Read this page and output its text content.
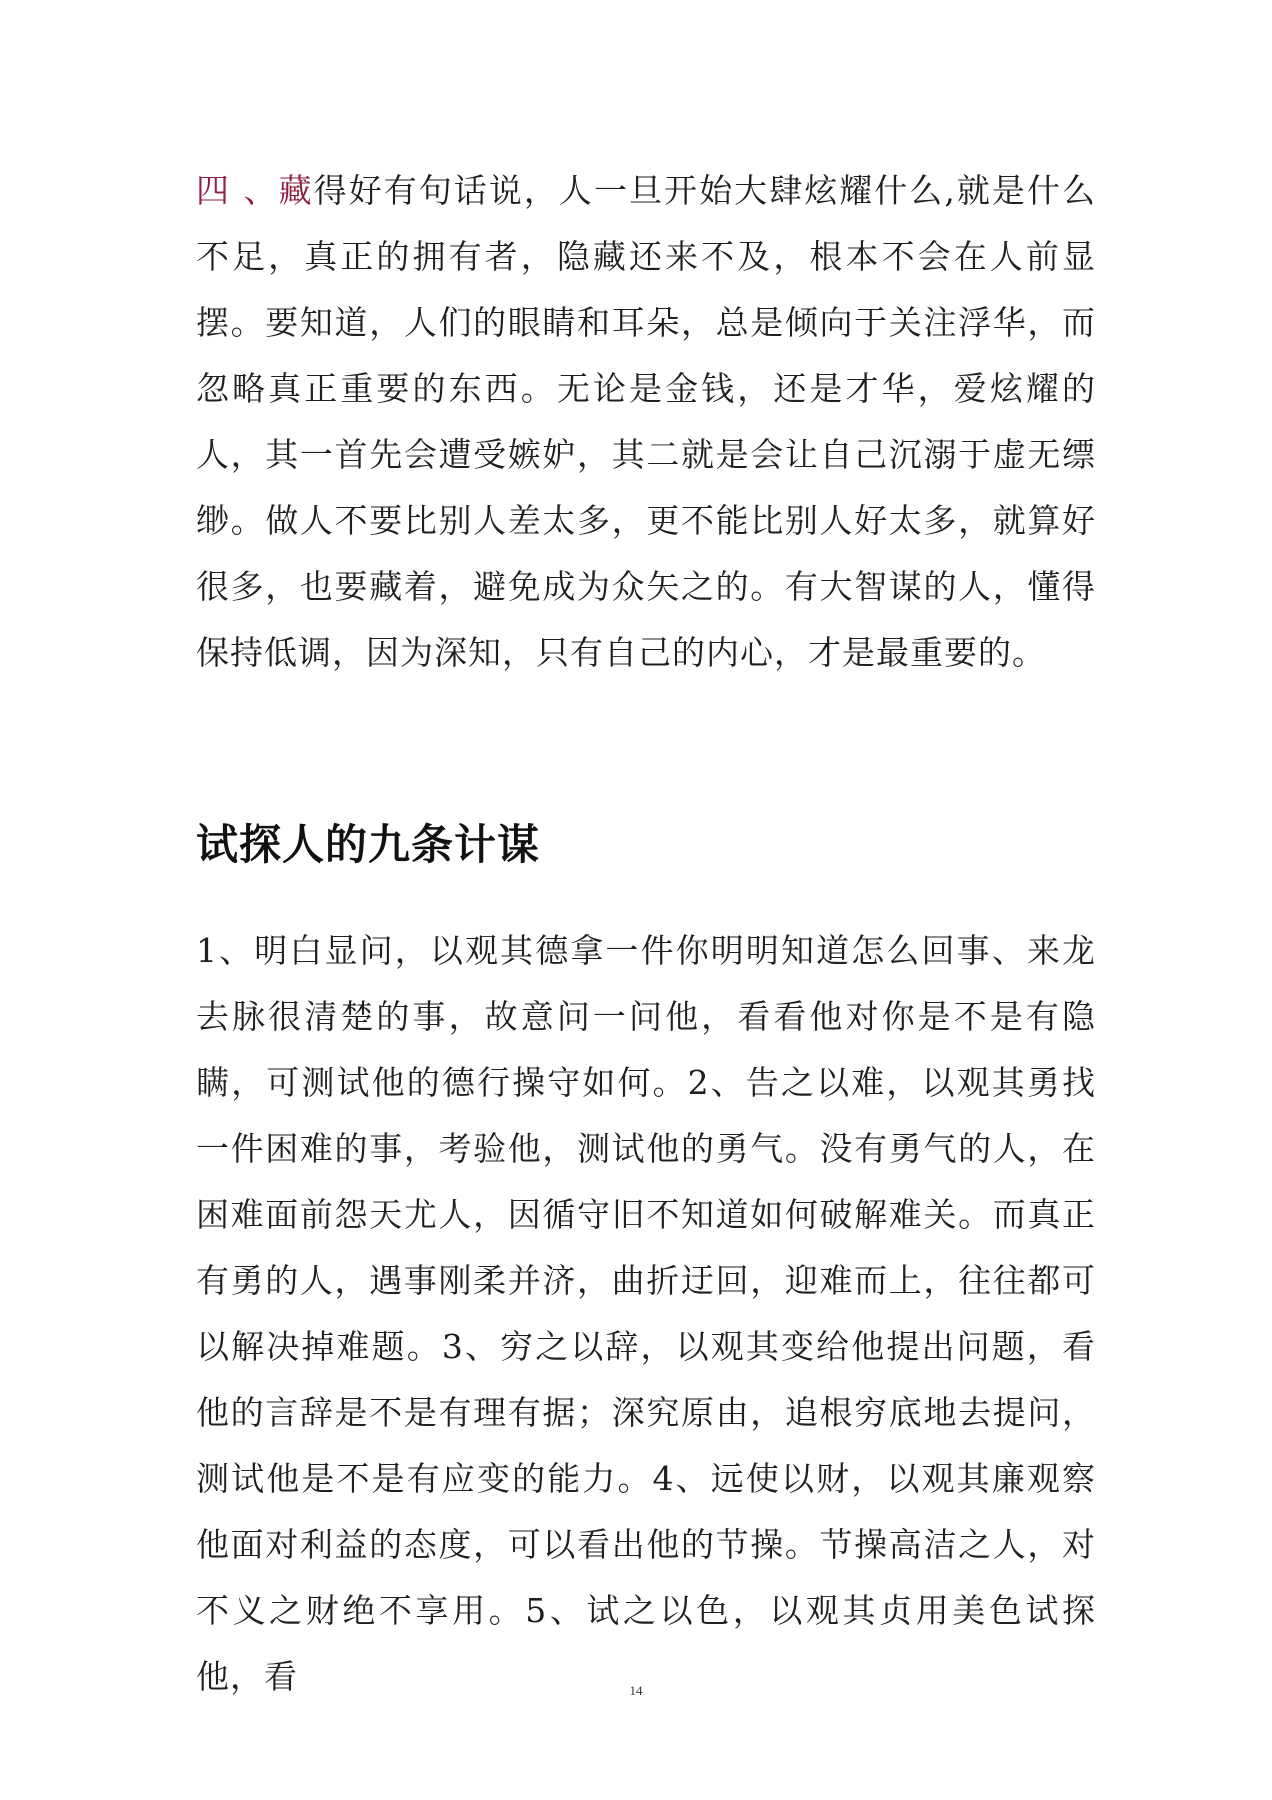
四 、藏得好有句话说，人一旦开始大肆炫耀什么,就是什么不足，真正的拥有者，隐藏还来不及，根本不会在人前显摆。要知道，人们的眼睛和耳朵，总是倾向于关注浮华，而忽略真正重要的东西。无论是金钱，还是才华，爱炫耀的人，其一首先会遭受嫉妒，其二就是会让自己沉溺于虚无缥缈。做人不要比别人差太多，更不能比别人好太多，就算好很多，也要藏着，避免成为众矢之的。有大智谋的人，懂得保持低调，因为深知，只有自己的内心，才是最重要的。

试探人的九条计谋

1、明白显问，以观其德拿一件你明明知道怎么回事、来龙去脉很清楚的事，故意问一问他，看看他对你是不是有隐瞒，可测试他的德行操守如何。2、告之以难，以观其勇找一件困难的事，考验他，测试他的勇气。没有勇气的人，在困难面前怨天尤人，因循守旧不知道如何破解难关。而真正有勇的人，遇事刚柔并济，曲折迂回，迎难而上，往往都可以解决掉难题。3、穷之以辞，以观其变给他提出问题，看他的言辞是不是有理有据；深究原由，追根穷底地去提问，测试他是不是有应变的能力。4、远使以财，以观其廉观察他面对利益的态度，可以看出他的节操。节操高洁之人，对不义之财绝不享用。5、试之以色，以观其贞用美色试探他，看	14
